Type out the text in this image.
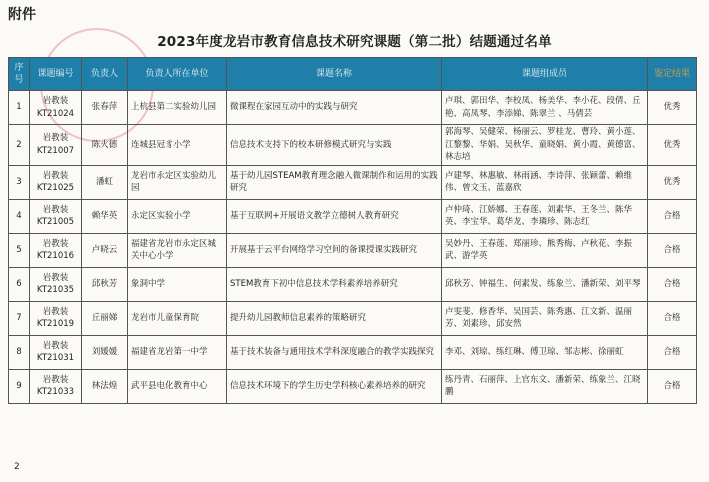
附件
2023年度龙岩市教育信息技术研究课题（第二批）结题通过名单
序号	课题编号	负责人	负责人所在单位	课题名称	课题组成员	鉴定结果
1	岩教装KT21024	张春萍	上杭县第二实验幼儿园	微课程在家园互动中的实践与研究	卢琪、郭田华、李校凤、杨美华、李小花、段倩、丘艳、高凤琴、李添娣、陈翠兰 、马倩芸	优秀
2	岩教装KT21007	陈火德	连城县冠豸小学	信息技术支持下的校本研修模式研究与实践	郭海琴、吴健荣、杨丽云、罗桂龙、曹玲、黄小莲、江黎黎、华娟、吴秋华、童晓娟、黄小霞、黄德富、林志培	优秀
3	岩教装KT21025	潘虹	龙岩市永定区实验幼儿园	基于幼儿园STEAM教育理念融入微课制作和运用的实践研究	卢建琴、林惠敏、林雨涵、李诗萍、张颖蕾、赖维伟、曾文玉、蓝嘉欣	优秀
4	岩教装KT21005	赖华英	永定区实验小学	基于互联网+开展语文教学立德树人教育研究	卢仲琦、江娇娜、王春莲、刘素华、王冬兰、陈华英、李宝华、葛华龙、李璘珍、陈志红	合格
5	岩教装KT21016	卢晓云	福建省龙岩市永定区城关中心小学	开展基于云平台网络学习空间的备课授课实践研究	吴妙丹、王春莲、郑丽珍、熊秀梅、卢秋花、李振武、游学英	合格
6	岩教装KT21035	邱秋芳	象洞中学	STEM教育下初中信息技术学科素养培养研究	邱秋芳、钟福生、何素发、练象兰、潘新荣、刘平琴	合格
7	岩教装KT21019	丘丽娣	龙岩市儿童保育院	提升幼儿园教师信息素养的策略研究	卢雯斐、修香华、吴国芸、陈秀惠、江文新、温丽芳、刘素珍、邱安然	合格
8	岩教装KT21031	刘媛媛	福建省龙岩第一中学	基于技术装备与通用技术学科深度融合的教学实践探究	李邓、刘琼、练红琳、傅卫琼、邹志彬、徐丽虹	合格
9	岩教装KT21033	林法煌	武平县电化教育中心	信息技术环境下的学生历史学科核心素养培养的研究	练丹青、石丽萍、上官东文、潘新荣、练象兰、江晓鹏	合格
2
